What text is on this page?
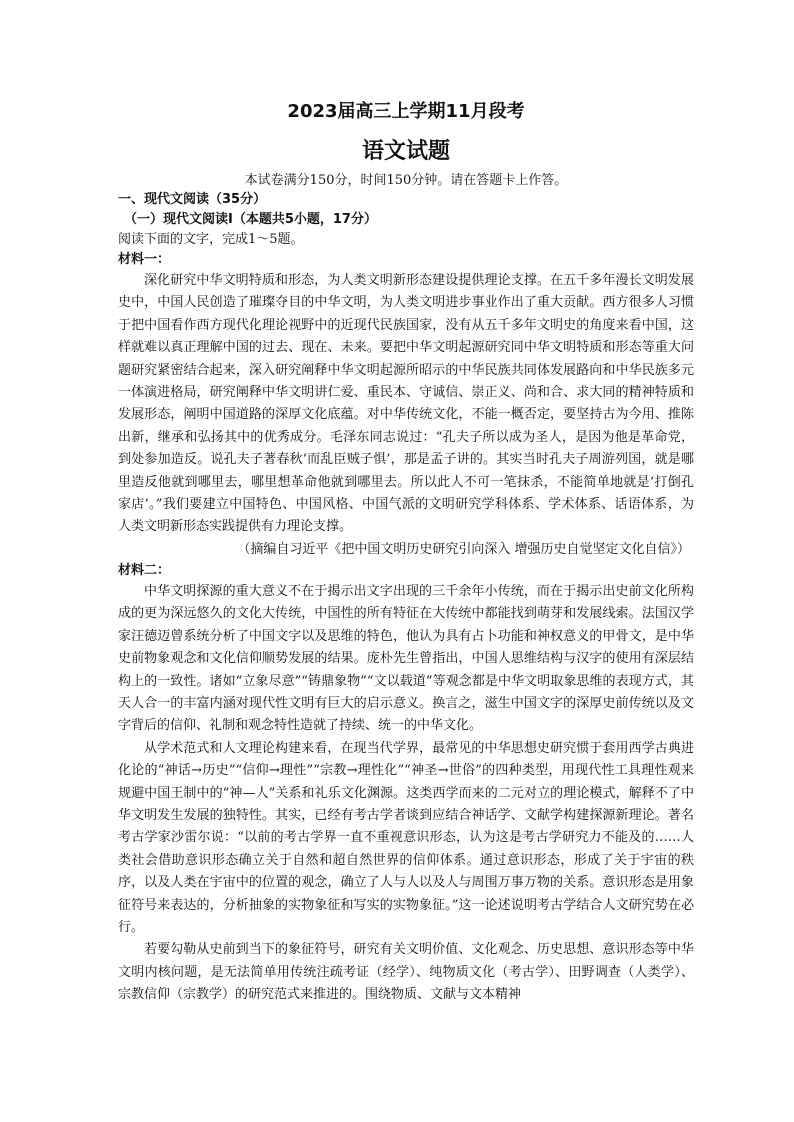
2023届高三上学期11月段考
语文试题

本试卷满分150分，时间150分钟。请在答题卡上作答。

一、现代文阅读（35分）

（一）现代文阅读Ⅰ（本题共5小题，17分）

阅读下面的文字，完成1～5题。

材料一：

深化研究中华文明特质和形态，为人类文明新形态建设提供理论支撑。在五千多年漫长文明发展史中，中国人民创造了璀璨夺目的中华文明，为人类文明进步事业作出了重大贡献。西方很多人习惯于把中国看作西方现代化理论视野中的近现代民族国家，没有从五千多年文明史的角度来看中国，这样就难以真正理解中国的过去、现在、未来。要把中华文明起源研究同中华文明特质和形态等重大问题研究紧密结合起来，深入研究阐释中华文明起源所昭示的中华民族共同体发展路向和中华民族多元一体演进格局，研究阐释中华文明讲仁爱、重民本、守诚信、崇正义、尚和合、求大同的精神特质和发展形态，阐明中国道路的深厚文化底蕴。对中华传统文化，不能一概否定，要坚持古为今用、推陈出新，继承和弘扬其中的优秀成分。毛泽东同志说过：“孔夫子所以成为圣人，是因为他是革命党，到处参加造反。说孔夫子著春秋‘而乱臣贼子惧’，那是孟子讲的。其实当时孔夫子周游列国，就是哪里造反他就到哪里去，哪里想革命他就到哪里去。所以此人不可一笔抹杀，不能简单地就是‘打倒孔家店’。”我们要建立中国特色、中国风格、中国气派的文明研究学科体系、学术体系、话语体系，为人类文明新形态实践提供有力理论支撑。

（摘编自习近平《把中国文明历史研究引向深入 增强历史自觉坚定文化自信》）

材料二：

中华文明探源的重大意义不在于揭示出文字出现的三千余年小传统，而在于揭示出史前文化所构成的更为深远悠久的文化大传统，中国性的所有特征在大传统中都能找到萌芽和发展线索。法国汉学家汪德迈曾系统分析了中国文字以及思维的特色，他认为具有占卜功能和神权意义的甲骨文，是中华史前物象观念和文化信仰顺势发展的结果。庞朴先生曾指出，中国人思维结构与汉字的使用有深层结构上的一致性。诸如“立象尽意”“铸鼎象物”“文以载道”等观念都是中华文明取象思维的表现方式，其天人合一的丰富内涵对现代性文明有巨大的启示意义。换言之，滋生中国文字的深厚史前传统以及文字背后的信仰、礼制和观念特性造就了持续、统一的中华文化。

从学术范式和人文理论构建来看，在现当代学界，最常见的中华思想史研究惯于套用西学古典进化论的“神话→历史”“信仰→理性”“宗教→理性化”“神圣→世俗”的四种类型，用现代性工具理性观来规避中国王制中的“神—人”关系和礼乐文化渊源。这类西学而来的二元对立的理论模式，解释不了中华文明发生发展的独特性。其实，已经有考古学者谈到应结合神话学、文献学构建探源新理论。著名考古学家沙雷尔说：“以前的考古学界一直不重视意识形态，认为这是考古学研究力不能及的……人类社会借助意识形态确立关于自然和超自然世界的信仰体系。通过意识形态，形成了关于宇宙的秩序，以及人类在宇宙中的位置的观念，确立了人与人以及人与周围万事万物的关系。意识形态是用象征符号来表达的，分析抽象的实物象征和写实的实物象征。”这一论述说明考古学结合人文研究势在必行。

若要勾勒从史前到当下的象征符号，研究有关文明价值、文化观念、历史思想、意识形态等中华文明内核问题，是无法简单用传统注疏考证（经学）、纯物质文化（考古学）、田野调查（人类学）、宗教信仰（宗教学）的研究范式来推进的。围绕物质、文献与文本精神
